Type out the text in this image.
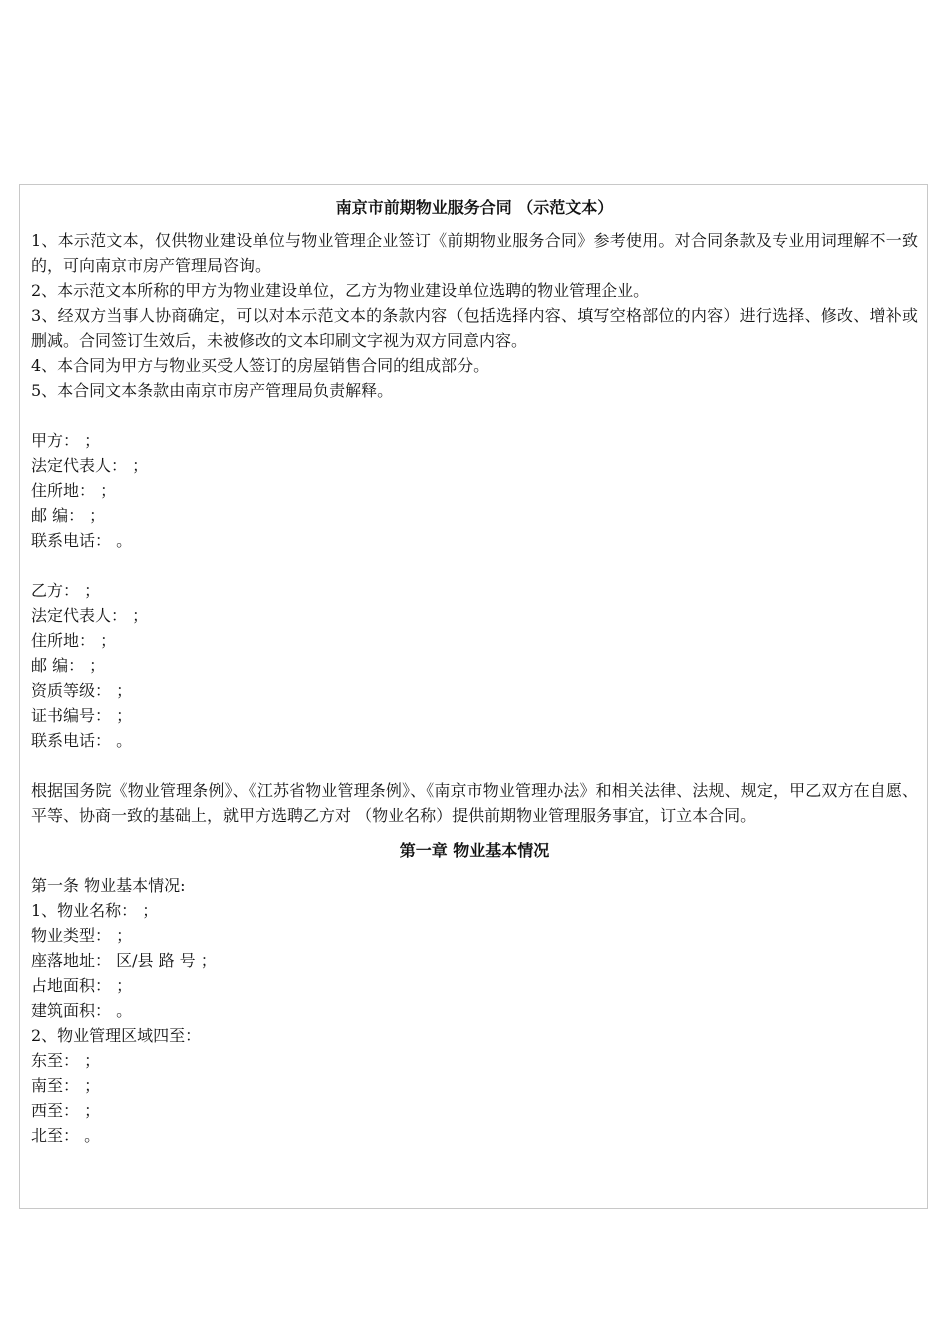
南京市前期物业服务合同 （示范文本）
1、本示范文本，仅供物业建设单位与物业管理企业签订《前期物业服务合同》参考使用。对合同条款及专业用词理解不一致的，可向南京市房产管理局咨询。
2、本示范文本所称的甲方为物业建设单位，乙方为物业建设单位选聘的物业管理企业。
3、经双方当事人协商确定，可以对本示范文本的条款内容（包括选择内容、填写空格部位的内容）进行选择、修改、增补或删减。合同签订生效后，未被修改的文本印刷文字视为双方同意内容。
4、本合同为甲方与物业买受人签订的房屋销售合同的组成部分。
5、本合同文本条款由南京市房产管理局负责解释。
甲方： ；
法定代表人： ；
住所地： ；
邮 编： ；
联系电话： 。
乙方： ；
法定代表人： ；
住所地： ；
邮 编： ；
资质等级： ；
证书编号： ；
联系电话： 。
根据国务院《物业管理条例》、《江苏省物业管理条例》、《南京市物业管理办法》和相关法律、法规、规定，甲乙双方在自愿、平等、协商一致的基础上，就甲方选聘乙方对 （物业名称）提供前期物业管理服务事宜，订立本合同。
第一章 物业基本情况
第一条 物业基本情况:
1、物业名称： ；
物业类型： ；
座落地址： 区/县 路 号 ；
占地面积： ；
建筑面积： 。
2、物业管理区域四至：
东至： ；
南至： ；
西至： ；
北至： 。
